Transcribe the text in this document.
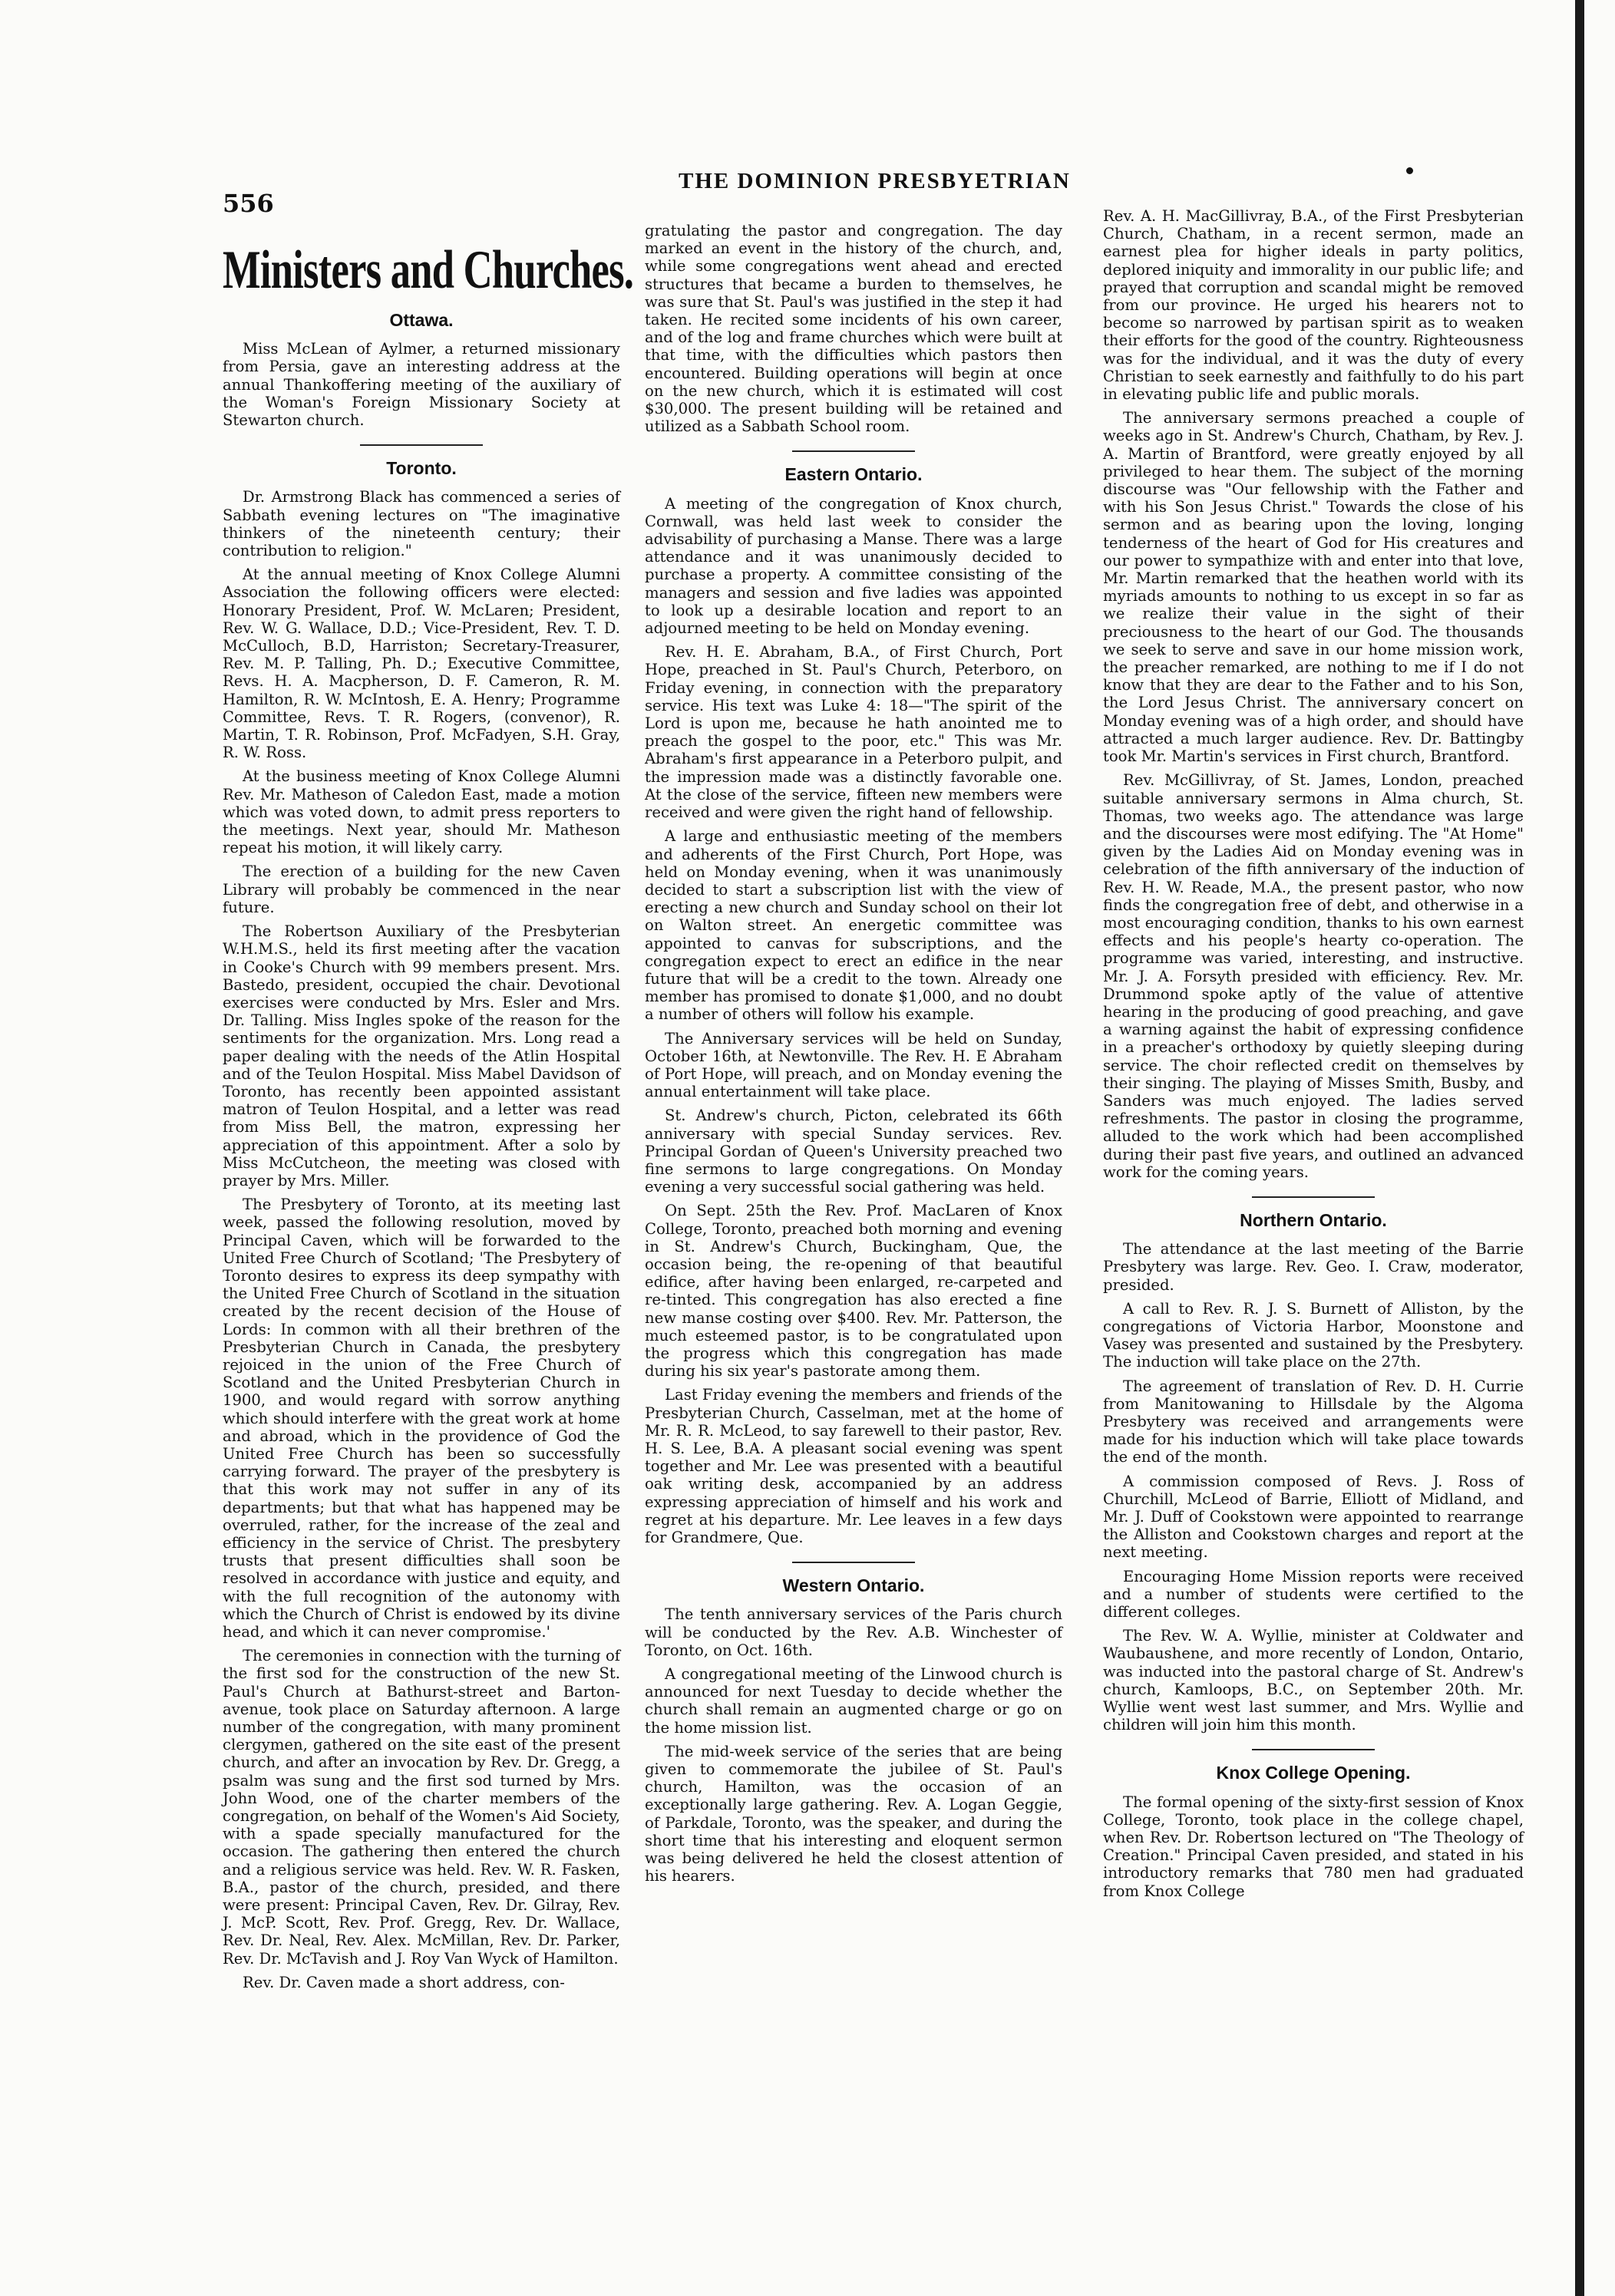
556
THE DOMINION PRESBYETRIAN
Ministers and Churches.
Ottawa.

Miss McLean of Aylmer, a returned missionary from Persia, gave an interesting address at the annual Thankoffering meeting of the auxiliary of the Woman's Foreign Missionary Society at Stewarton church.

Toronto.

Dr. Armstrong Black has commenced a series of Sabbath evening lectures on "The imaginative thinkers of the nineteenth century; their contribution to religion."

At the annual meeting of Knox College Alumni Association the following officers were elected: Honorary President, Prof. W. McLaren; President, Rev. W. G. Wallace, D.D.; Vice-President, Rev. T. D. McCulloch, B.D, Harriston; Secretary-Treasurer, Rev. M. P. Talling, Ph. D.; Executive Committee, Revs. H. A. Macpherson, D. F. Cameron, R. M. Hamilton, R. W. McIntosh, E. A. Henry; Programme Committee, Revs. T. R. Rogers, (convenor), R. Martin, T. R. Robinson, Prof. McFadyen, S.H. Gray, R. W. Ross.

At the business meeting of Knox College Alumni Rev. Mr. Matheson of Caledon East, made a motion which was voted down, to admit press reporters to the meetings. Next year, should Mr. Matheson repeat his motion, it will likely carry.

The erection of a building for the new Caven Library will probably be commenced in the near future.

The Robertson Auxiliary of the Presbyterian W.H.M.S., held its first meeting after the vacation in Cooke's Church with 99 members present. Mrs. Bastedo, president, occupied the chair. Devotional exercises were conducted by Mrs. Esler and Mrs. Dr. Talling. Miss Ingles spoke of the reason for the sentiments for the organization. Mrs. Long read a paper dealing with the needs of the Atlin Hospital and of the Teulon Hospital. Miss Mabel Davidson of Toronto, has recently been appointed assistant matron of Teulon Hospital, and a letter was read from Miss Bell, the matron, expressing her appreciation of this appointment. After a solo by Miss McCutcheon, the meeting was closed with prayer by Mrs. Miller.

The Presbytery of Toronto, at its meeting last week, passed the following resolution, moved by Principal Caven, which will be forwarded to the United Free Church of Scotland; 'The Presbytery of Toronto desires to express its deep sympathy with the United Free Church of Scotland in the situation created by the recent decision of the House of Lords: In common with all their brethren of the Presbyterian Church in Canada, the presbytery rejoiced in the union of the Free Church of Scotland and the United Presbyterian Church in 1900, and would regard with sorrow anything which should interfere with the great work at home and abroad, which in the providence of God the United Free Church has been so successfully carrying forward. The prayer of the presbytery is that this work may not suffer in any of its departments; but that what has happened may be overruled, rather, for the increase of the zeal and efficiency in the service of Christ. The presbytery trusts that present difficulties shall soon be resolved in accordance with justice and equity, and with the full recognition of the autonomy with which the Church of Christ is endowed by its divine head, and which it can never compromise.'

The ceremonies in connection with the turning of the first sod for the construction of the new St. Paul's Church at Bathurst-street and Barton-avenue, took place on Saturday afternoon. A large number of the congregation, with many prominent clergymen, gathered on the site east of the present church, and after an invocation by Rev. Dr. Gregg, a psalm was sung and the first sod turned by Mrs. John Wood, one of the charter members of the congregation, on behalf of the Women's Aid Society, with a spade specially manufactured for the occasion. The gathering then entered the church and a religious service was held. Rev. W. R. Fasken, B.A., pastor of the church, presided, and there were present: Principal Caven, Rev. Dr. Gilray, Rev. J. McP. Scott, Rev. Prof. Gregg, Rev. Dr. Wallace, Rev. Dr. Neal, Rev. Alex. McMillan, Rev. Dr. Parker, Rev. Dr. McTavish and J. Roy Van Wyck of Hamilton.

Rev. Dr. Caven made a short address, con-

gratulating the pastor and congregation. The day marked an event in the history of the church, and, while some congregations went ahead and erected structures that became a burden to themselves, he was sure that St. Paul's was justified in the step it had taken. He recited some incidents of his own career, and of the log and frame churches which were built at that time, with the difficulties which pastors then encountered. Building operations will begin at once on the new church, which it is estimated will cost $30,000. The present building will be retained and utilized as a Sabbath School room.

Eastern Ontario.

A meeting of the congregation of Knox church, Cornwall, was held last week to consider the advisability of purchasing a Manse. There was a large attendance and it was unanimously decided to purchase a property. A committee consisting of the managers and session and five ladies was appointed to look up a desirable location and report to an adjourned meeting to be held on Monday evening.

Rev. H. E. Abraham, B.A., of First Church, Port Hope, preached in St. Paul's Church, Peterboro, on Friday evening, in connection with the preparatory service. His text was Luke 4: 18—"The spirit of the Lord is upon me, because he hath anointed me to preach the gospel to the poor, etc." This was Mr. Abraham's first appearance in a Peterboro pulpit, and the impression made was a distinctly favorable one. At the close of the service, fifteen new members were received and were given the right hand of fellowship.

A large and enthusiastic meeting of the members and adherents of the First Church, Port Hope, was held on Monday evening, when it was unanimously decided to start a subscription list with the view of erecting a new church and Sunday school on their lot on Walton street. An energetic committee was appointed to canvas for subscriptions, and the congregation expect to erect an edifice in the near future that will be a credit to the town. Already one member has promised to donate $1,000, and no doubt a number of others will follow his example.

The Anniversary services will be held on Sunday, October 16th, at Newtonville. The Rev. H. E Abraham of Port Hope, will preach, and on Monday evening the annual entertainment will take place.

St. Andrew's church, Picton, celebrated its 66th anniversary with special Sunday services. Rev. Principal Gordan of Queen's University preached two fine sermons to large congregations. On Monday evening a very successful social gathering was held.

On Sept. 25th the Rev. Prof. MacLaren of Knox College, Toronto, preached both morning and evening in St. Andrew's Church, Buckingham, Que, the occasion being, the re-opening of that beautiful edifice, after having been enlarged, re-carpeted and re-tinted. This congregation has also erected a fine new manse costing over $400. Rev. Mr. Patterson, the much esteemed pastor, is to be congratulated upon the progress which this congregation has made during his six year's pastorate among them.

Last Friday evening the members and friends of the Presbyterian Church, Casselman, met at the home of Mr. R. R. McLeod, to say farewell to their pastor, Rev. H. S. Lee, B.A. A pleasant social evening was spent together and Mr. Lee was presented with a beautiful oak writing desk, accompanied by an address expressing appreciation of himself and his work and regret at his departure. Mr. Lee leaves in a few days for Grandmere, Que.

Western Ontario.

The tenth anniversary services of the Paris church will be conducted by the Rev. A.B. Winchester of Toronto, on Oct. 16th.

A congregational meeting of the Linwood church is announced for next Tuesday to decide whether the church shall remain an augmented charge or go on the home mission list.

The mid-week service of the series that are being given to commemorate the jubilee of St. Paul's church, Hamilton, was the occasion of an exceptionally large gathering. Rev. A. Logan Geggie, of Parkdale, Toronto, was the speaker, and during the short time that his interesting and eloquent sermon was being delivered he held the closest attention of his hearers.

Rev. A. H. MacGillivray, B.A., of the First Presbyterian Church, Chatham, in a recent sermon, made an earnest plea for higher ideals in party politics, deplored iniquity and immorality in our public life; and prayed that corruption and scandal might be removed from our province. He urged his hearers not to become so narrowed by partisan spirit as to weaken their efforts for the good of the country. Righteousness was for the individual, and it was the duty of every Christian to seek earnestly and faithfully to do his part in elevating public life and public morals.

The anniversary sermons preached a couple of weeks ago in St. Andrew's Church, Chatham, by Rev. J. A. Martin of Brantford, were greatly enjoyed by all privileged to hear them. The subject of the morning discourse was "Our fellowship with the Father and with his Son Jesus Christ." Towards the close of his sermon and as bearing upon the loving, longing tenderness of the heart of God for His creatures and our power to sympathize with and enter into that love, Mr. Martin remarked that the heathen world with its myriads amounts to nothing to us except in so far as we realize their value in the sight of their preciousness to the heart of our God. The thousands we seek to serve and save in our home mission work, the preacher remarked, are nothing to me if I do not know that they are dear to the Father and to his Son, the Lord Jesus Christ. The anniversary concert on Monday evening was of a high order, and should have attracted a much larger audience. Rev. Dr. Battingby took Mr. Martin's services in First church, Brantford.

Rev. McGillivray, of St. James, London, preached suitable anniversary sermons in Alma church, St. Thomas, two weeks ago. The attendance was large and the discourses were most edifying. The "At Home" given by the Ladies Aid on Monday evening was in celebration of the fifth anniversary of the induction of Rev. H. W. Reade, M.A., the present pastor, who now finds the congregation free of debt, and otherwise in a most encouraging condition, thanks to his own earnest effects and his people's hearty co-operation. The programme was varied, interesting, and instructive. Mr. J. A. Forsyth presided with efficiency. Rev. Mr. Drummond spoke aptly of the value of attentive hearing in the producing of good preaching, and gave a warning against the habit of expressing confidence in a preacher's orthodoxy by quietly sleeping during service. The choir reflected credit on themselves by their singing. The playing of Misses Smith, Busby, and Sanders was much enjoyed. The ladies served refreshments. The pastor in closing the programme, alluded to the work which had been accomplished during their past five years, and outlined an advanced work for the coming years.

Northern Ontario.

The attendance at the last meeting of the Barrie Presbytery was large. Rev. Geo. I. Craw, moderator, presided.

A call to Rev. R. J. S. Burnett of Alliston, by the congregations of Victoria Harbor, Moonstone and Vasey was presented and sustained by the Presbytery. The induction will take place on the 27th.

The agreement of translation of Rev. D. H. Currie from Manitowaning to Hillsdale by the Algoma Presbytery was received and arrangements were made for his induction which will take place towards the end of the month.

A commission composed of Revs. J. Ross of Churchill, McLeod of Barrie, Elliott of Midland, and Mr. J. Duff of Cookstown were appointed to rearrange the Alliston and Cookstown charges and report at the next meeting.

Encouraging Home Mission reports were received and a number of students were certified to the different colleges.

The Rev. W. A. Wyllie, minister at Coldwater and Waubaushene, and more recently of London, Ontario, was inducted into the pastoral charge of St. Andrew's church, Kamloops, B.C., on September 20th. Mr. Wyllie went west last summer, and Mrs. Wyllie and children will join him this month.

Knox College Opening.

The formal opening of the sixty-first session of Knox College, Toronto, took place in the college chapel, when Rev. Dr. Robertson lectured on "The Theology of Creation." Principal Caven presided, and stated in his introductory remarks that 780 men had graduated from Knox College
